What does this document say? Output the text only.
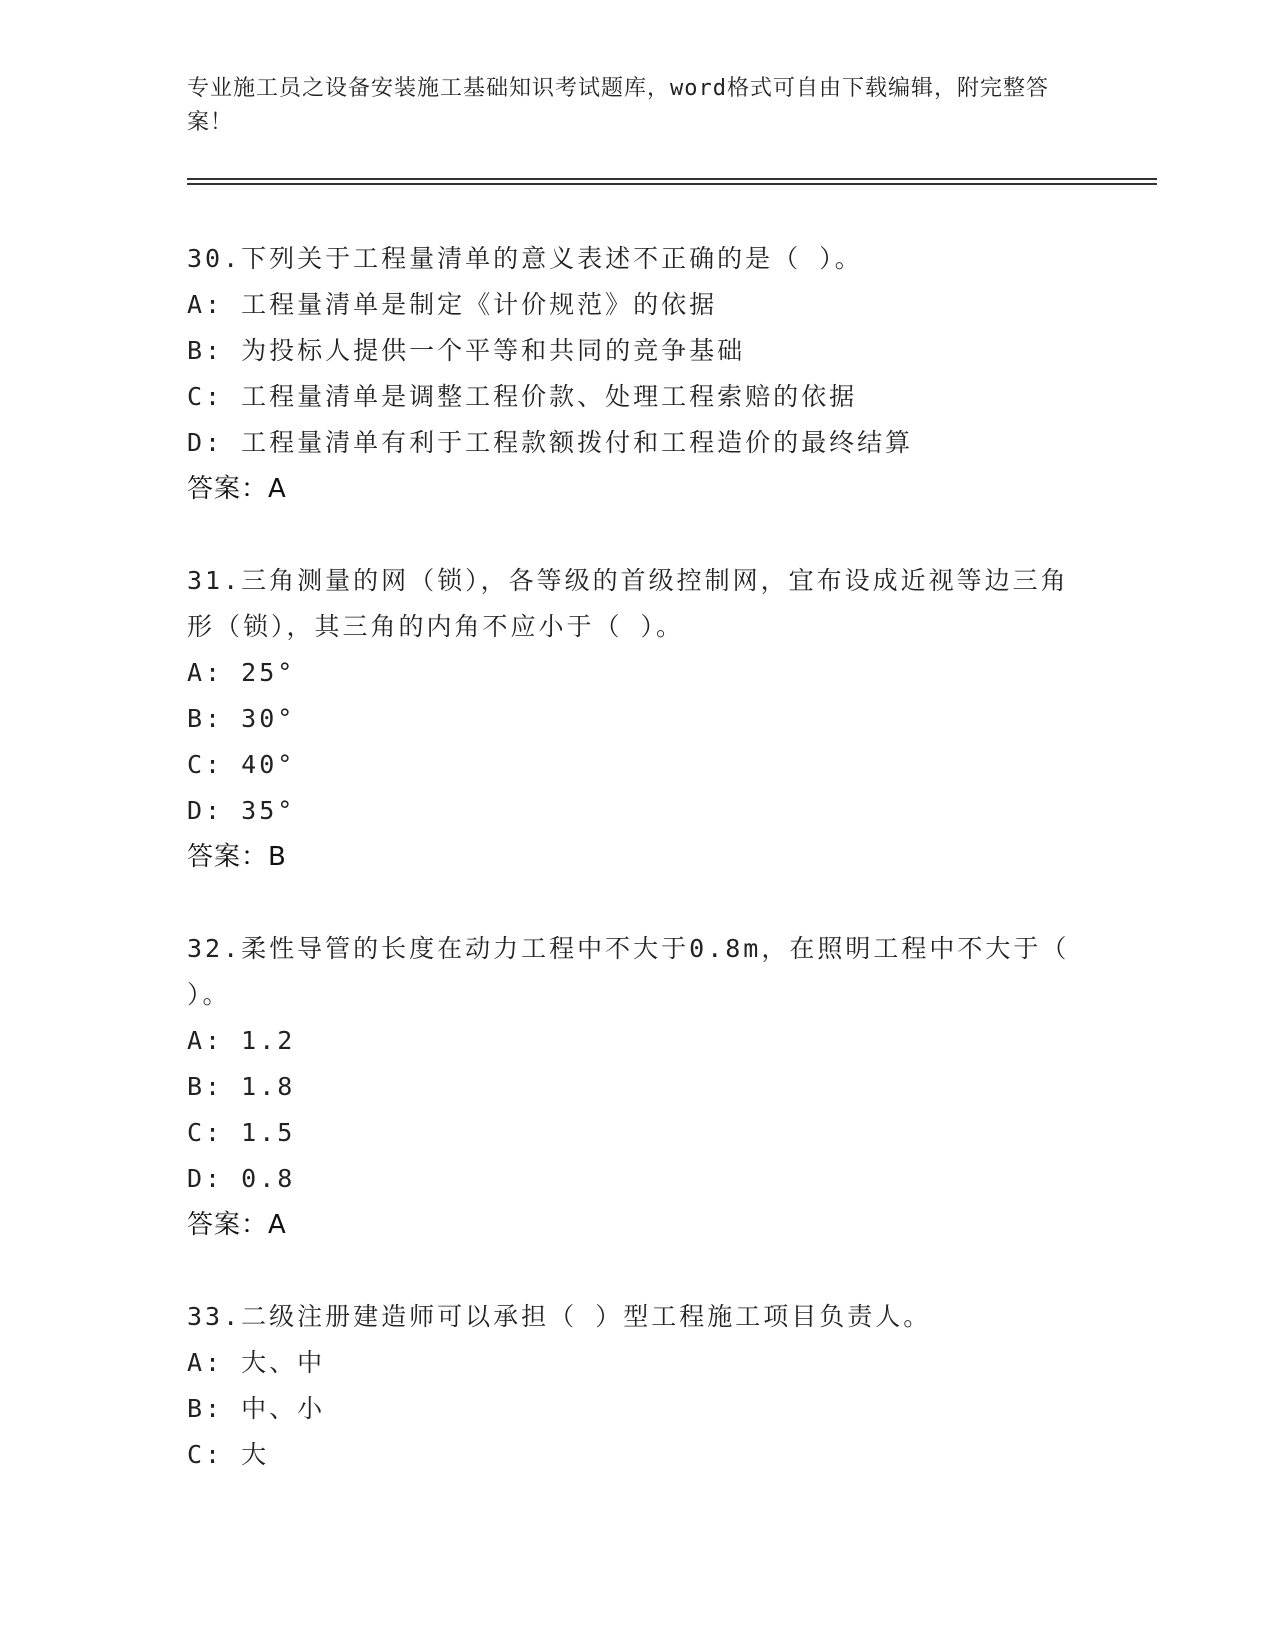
专业施工员之设备安装施工基础知识考试题库，word格式可自由下载编辑，附完整答案！
30.下列关于工程量清单的意义表述不正确的是（ ）。
A: 工程量清单是制定《计价规范》的依据
B: 为投标人提供一个平等和共同的竞争基础
C: 工程量清单是调整工程价款、处理工程索赔的依据
D: 工程量清单有利于工程款额拨付和工程造价的最终结算
答案：A
31.三角测量的网（锁），各等级的首级控制网，宜布设成近视等边三角形（锁），其三角的内角不应小于（ ）。
A: 25°
B: 30°
C: 40°
D: 35°
答案：B
32.柔性导管的长度在动力工程中不大于0.8m，在照明工程中不大于（ ）。
A: 1.2
B: 1.8
C: 1.5
D: 0.8
答案：A
33.二级注册建造师可以承担（ ）型工程施工项目负责人。
A: 大、中
B: 中、小
C: 大
